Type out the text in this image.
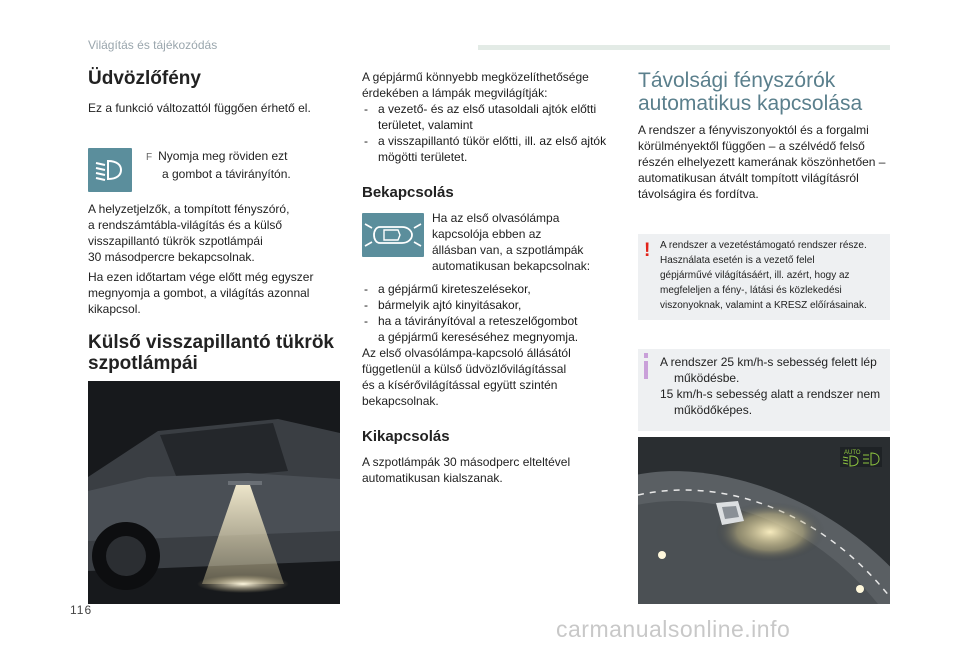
Világítás és tájékozódás
Üdvözlőfény

Ez a funkció változattól függően érhető el.

F Nyomja meg röviden ezt
a gombot a távirányítón.

A helyzetjelzők, a tompított fényszóró,
a rendszámtábla-világítás és a külső
visszapillantó tükrök szpotlámpái
30 másodpercre bekapcsolnak.

Ha ezen időtartam vége előtt még egyszer
megnyomja a gombot, a világítás azonnal
kikapcsol.

Külső visszapillantó tükrök
szpotlámpái

A gépjármű könnyebb megközelíthetősége
érdekében a lámpák megvilágítják:

- a vezető- és az első utasoldali ajtók előtti
területet, valamint
- a visszapillantó tükör előtti, ill. az első ajtók
mögötti területet.
Bekapcsolás

Ha az első olvasólámpa
kapcsolója ebben az
állásban van, a szpotlámpák
automatikusan bekapcsolnak:

- a gépjármű kireteszelésekor,
- bármelyik ajtó kinyitásakor,
- ha a távirányítóval a reteszelőgombot
a gépjármű kereséséhez megnyomja.

Az első olvasólámpa-kapcsoló állásától
függetlenül a külső üdvözlővilágítással
és a kísérővilágítással együtt szintén
bekapcsolnak.

Kikapcsolás

A szpotlámpák 30 másodperc elteltével
automatikusan kialszanak.

Távolsági fényszórók
automatikus kapcsolása

A rendszer a fényviszonyoktól és a forgalmi
körülményektől függően – a szélvédő felső
részén elhelyezett kamerának köszönhetően –
automatikusan átvált tompított világításról
távolságira és fordítva.

! A rendszer a vezetéstámogató rendszer része.
Használata esetén is a vezető felel
gépjárművé világításáért, ill. azért, hogy az
megfeleljen a fény-, látási és közlekedési
viszonyoknak, valamint a KRESZ előírásainak.
A rendszer 25 km/h-s sebesség felett lép
működésbe.
15 km/h-s sebesség alatt a rendszer nem
működőképes.
AUTO
116
carmanualsonline.info
